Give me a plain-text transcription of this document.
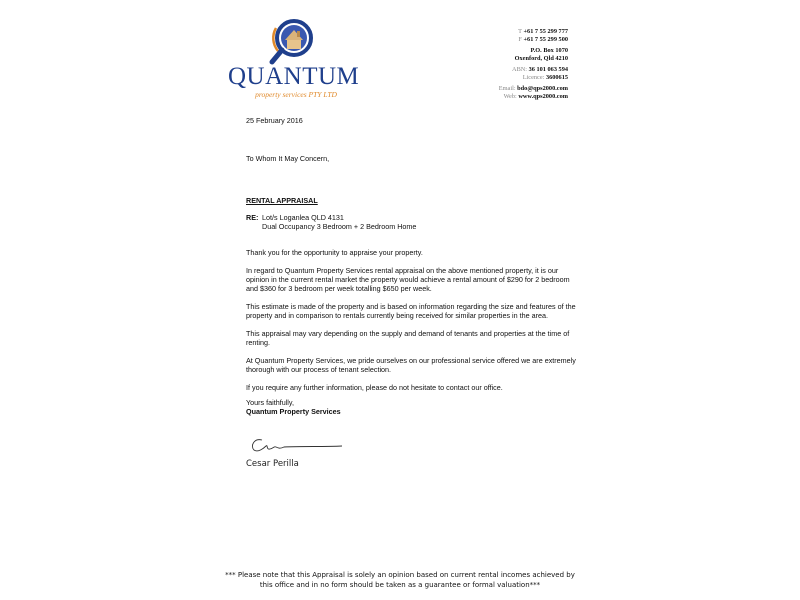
QUANTUM
property services PTY LTD
T +61 7 55 299 777
F +61 7 55 299 500
P.O. Box 1070
Oxenford, Qld 4210
ABN: 36 101 063 594
Licence: 3600615
Email: bdo@qps2000.com
Web: www.qps2000.com

25 February 2016

To Whom It May Concern,

RENTAL APPRAISAL

RE: Lot/s Loganlea QLD 4131
Dual Occupancy 3 Bedroom + 2 Bedroom Home

Thank you for the opportunity to appraise your property.

In regard to Quantum Property Services rental appraisal on the above mentioned property, it is our opinion in the current rental market the property would achieve a rental amount of $290 for 2 bedroom and $360 for 3 bedroom per week totalling $650 per week.

This estimate is made of the property and is based on information regarding the size and features of the property and in comparison to rentals currently being received for similar properties in the area.

This appraisal may vary depending on the supply and demand of tenants and properties at the time of renting.

At Quantum Property Services, we pride ourselves on our professional service offered we are extremely thorough with our process of tenant selection.

If you require any further information, please do not hesitate to contact our office.

Yours faithfully,
Quantum Property Services
Cesar Perilla
*** Please note that this Appraisal is solely an opinion based on current rental incomes achieved by
this office and in no form should be taken as a guarantee or formal valuation***
